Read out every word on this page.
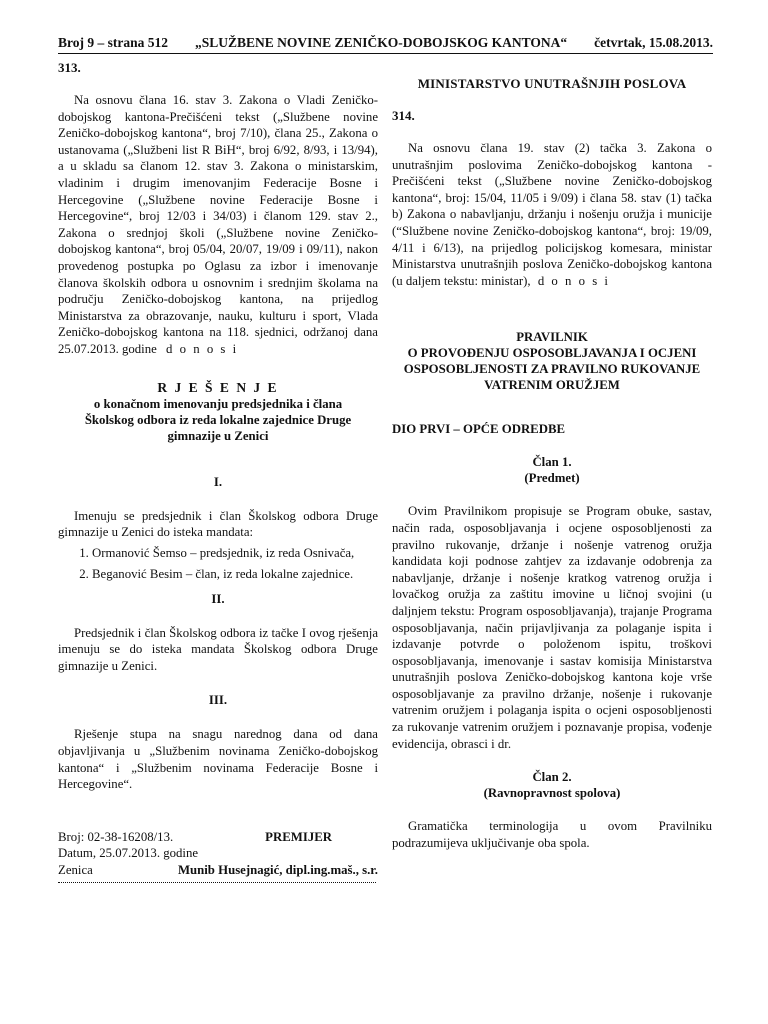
Broj 9 – strana 512 „SLUŽBENE NOVINE ZENIČKO-DOBOJSKOG KANTONA“ četvrtak, 15.08.2013.
313.

Na osnovu člana 16. stav 3. Zakona o Vladi Zeničko-dobojskog kantona-Prečišćeni tekst („Službene novine Zeničko-dobojskog kantona“, broj 7/10), člana 25., Zakona o ustanovama („Službeni list R BiH“, broj 6/92, 8/93, i 13/94), a u skladu sa članom 12. stav 3. Zakona o ministarskim, vladinim i drugim imenovanjim Federacije Bosne i Hercegovine („Službene novine Federacije Bosne i Hercegovine“, broj 12/03 i 34/03) i članom 129. stav 2., Zakona o srednjoj školi („Službene novine Zeničko-dobojskog kantona“, broj 05/04, 20/07, 19/09 i 09/11), nakon provedenog postupka po Oglasu za izbor i imenovanje članova školskih odbora u osnovnim i srednjim školama na području Zeničko-dobojskog kantona, na prijedlog Ministarstva za obrazovanje, nauku, kulturu i sport, Vlada Zeničko-dobojskog kantona na 118. sjednici, održanoj dana 25.07.2013. godine d o n o s i

R J E Š E N J E
o konačnom imenovanju predsjednika i člana Školskog odbora iz reda lokalne zajednice Druge gimnazije u Zenici
I.

Imenuju se predsjednik i član Školskog odbora Druge gimnazije u Zenici do isteka mandata:

1. Ormanović Šemso – predsjednik, iz reda Osnivača,
2. Beganović Besim – član, iz reda lokalne zajednice.
II.

Predsjednik i član Školskog odbora iz tačke I ovog rješenja imenuju se do isteka mandata Školskog odbora Druge gimnazije u Zenici.

III.

Rješenje stupa na snagu narednog dana od dana objavljivanja u „Službenim novinama Zeničko-dobojskog kantona“ i „Službenim novinama Federacije Bosne i Hercegovine“.

Broj: 02-38-16208/13.	PREMIJER
Datum, 25.07.2013. godine
Zenica	Munib Husejnagić, dipl.ing.maš., s.r.
MINISTARSTVO UNUTRAŠNJIH POSLOVA
314.

Na osnovu člana 19. stav (2) tačka 3. Zakona o unutrašnjim poslovima Zeničko-dobojskog kantona - Prečišćeni tekst („Službene novine Zeničko-dobojskog kantona“, broj: 15/04, 11/05 i 9/09) i člana 58. stav (1) tačka b) Zakona o nabavljanju, držanju i nošenju oružja i municije (“Službene novine Zeničko-dobojskog kantona“, broj: 19/09, 4/11 i 6/13), na prijedlog policijskog komesara, ministar Ministarstva unutrašnjih poslova Zeničko-dobojskog kantona (u daljem tekstu: ministar), d o n o s i

PRAVILNIK
O PROVOĐENJU OSPOSOBLJAVANJA I OCJENI OSPOSOBLJENOSTI ZA PRAVILNO RUKOVANJE VATRENIM ORUŽJEM
DIO PRVI – OPĆE ODREDBE
Član 1.
(Predmet)

Ovim Pravilnikom propisuje se Program obuke, sastav, način rada, osposobljavanja i ocjene osposobljenosti za pravilno rukovanje, držanje i nošenje vatrenog oružja kandidata koji podnose zahtjev za izdavanje odobrenja za nabavljanje, držanje i nošenje kratkog vatrenog oružja i lovačkog oružja za zaštitu imovine u ličnoj svojini (u daljnjem tekstu: Program osposobljavanja), trajanje Programa osposobljavanja, način prijavljivanja za polaganje ispita i izdavanje potvrde o položenom ispitu, troškovi osposobljavanja, imenovanje i sastav komisija Ministarstva unutrašnjih poslova Zeničko-dobojskog kantona koje vrše osposobljavanje za pravilno držanje, nošenje i rukovanje vatrenim oružjem i polaganja ispita o ocjeni osposobljenosti za rukovanje vatrenim oružjem i poznavanje propisa, vođenje evidencija, obrasci i dr.

Član 2.
(Ravnopravnost spolova)

Gramatička terminologija u ovom Pravilniku podrazumijeva uključivanje oba spola.
